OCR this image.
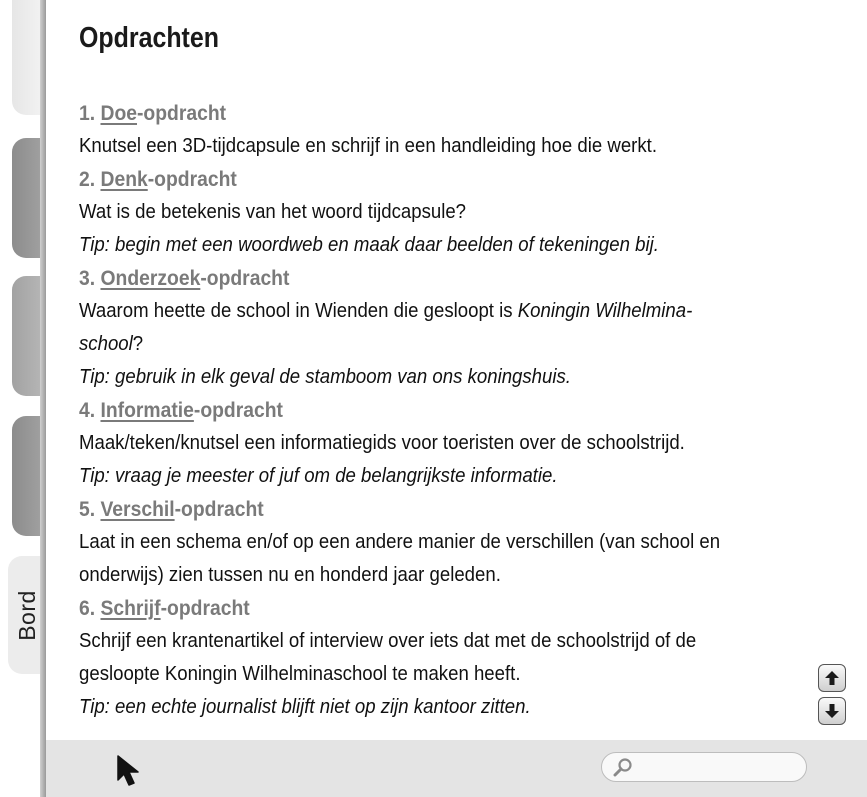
Bord
Opdrachten
1. Doe-opdracht
Knutsel een 3D-tijdcapsule en schrijf in een handleiding hoe die werkt.
2. Denk-opdracht
Wat is de betekenis van het woord tijdcapsule?
Tip: begin met een woordweb en maak daar beelden of tekeningen bij.
3. Onderzoek-opdracht
Waarom heette de school in Wienden die gesloopt is Koningin Wilhelmina-
school?
Tip: gebruik in elk geval de stamboom van ons koningshuis.
4. Informatie-opdracht
Maak/teken/knutsel een informatiegids voor toeristen over de schoolstrijd.
Tip: vraag je meester of juf om de belangrijkste informatie.
5. Verschil-opdracht
Laat in een schema en/of op een andere manier de verschillen (van school en
onderwijs) zien tussen nu en honderd jaar geleden.
6. Schrijf-opdracht
Schrijf een krantenartikel of interview over iets dat met de schoolstrijd of de
gesloopte Koningin Wilhelminaschool te maken heeft.
Tip: een echte journalist blijft niet op zijn kantoor zitten.
